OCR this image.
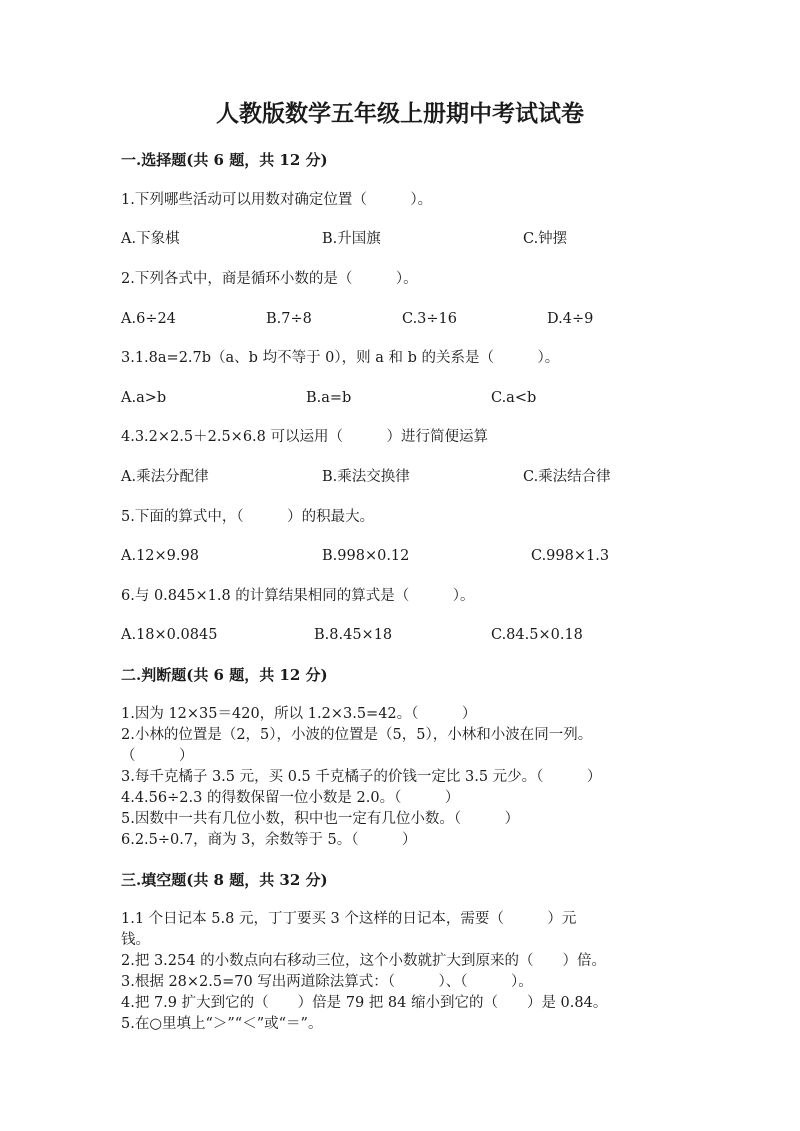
人教版数学五年级上册期中考试试卷
一.选择题(共 6 题，共 12 分)
1.下列哪些活动可以用数对确定位置（　　　）。
A.下象棋	B.升国旗	C.钟摆
2.下列各式中，商是循环小数的是（　　　）。
A.6÷24	B.7÷8	C.3÷16	D.4÷9
3.1.8a=2.7b（a、b 均不等于 0），则 a 和 b 的关系是（　　　）。
A.a>b	B.a=b	C.a<b
4.3.2×2.5＋2.5×6.8 可以运用（　　　）进行简便运算
A.乘法分配律	B.乘法交换律	C.乘法结合律
5.下面的算式中，（　　　）的积最大。
A.12×9.98	B.998×0.12	C.998×1.3
6.与 0.845×1.8 的计算结果相同的算式是（　　　）。
A.18×0.0845	B.8.45×18	C.84.5×0.18
二.判断题(共 6 题，共 12 分)
1.因为 12×35＝420，所以 1.2×3.5=42。（　　　）
2.小林的位置是（2，5），小波的位置是（5，5），小林和小波在同一列。
（　　　）
3.每千克橘子 3.5 元，买 0.5 千克橘子的价钱一定比 3.5 元少。（　　　）
4.4.56÷2.3 的得数保留一位小数是 2.0。（　　　）
5.因数中一共有几位小数，积中也一定有几位小数。（　　　）
6.2.5÷0.7，商为 3，余数等于 5。（　　　）
三.填空题(共 8 题，共 32 分)
1.1 个日记本 5.8 元，丁丁要买 3 个这样的日记本，需要（　　　）元
钱。
2.把 3.254 的小数点向右移动三位，这个小数就扩大到原来的（　　）倍。
3.根据 28×2.5=70 写出两道除法算式：（　　　）、（　　　）。
4.把 7.9 扩大到它的（　　）倍是 79 把 84 缩小到它的（　　）是 0.84。
5.在○里填上“＞”“＜”或“＝”。
